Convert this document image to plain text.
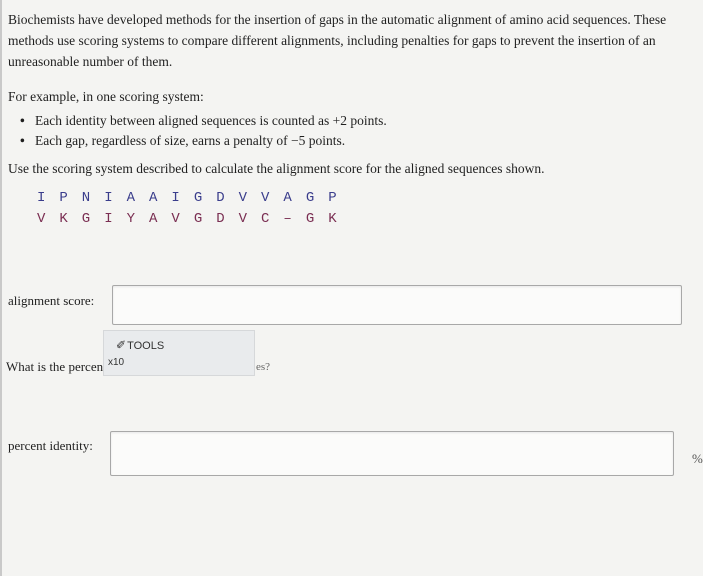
Biochemists have developed methods for the insertion of gaps in the automatic alignment of amino acid sequences. These methods use scoring systems to compare different alignments, including penalties for gaps to prevent the insertion of an unreasonable number of them.
For example, in one scoring system:
• Each identity between aligned sequences is counted as +2 points.
• Each gap, regardless of size, earns a penalty of −5 points.
Use the scoring system described to calculate the alignment score for the aligned sequences shown.
I P N I A A I G D V V A G P
V K G I Y A V G D V C – G K
alignment score:
What is the percen	es?
✐TOOLS
x10
percent identity:
%
